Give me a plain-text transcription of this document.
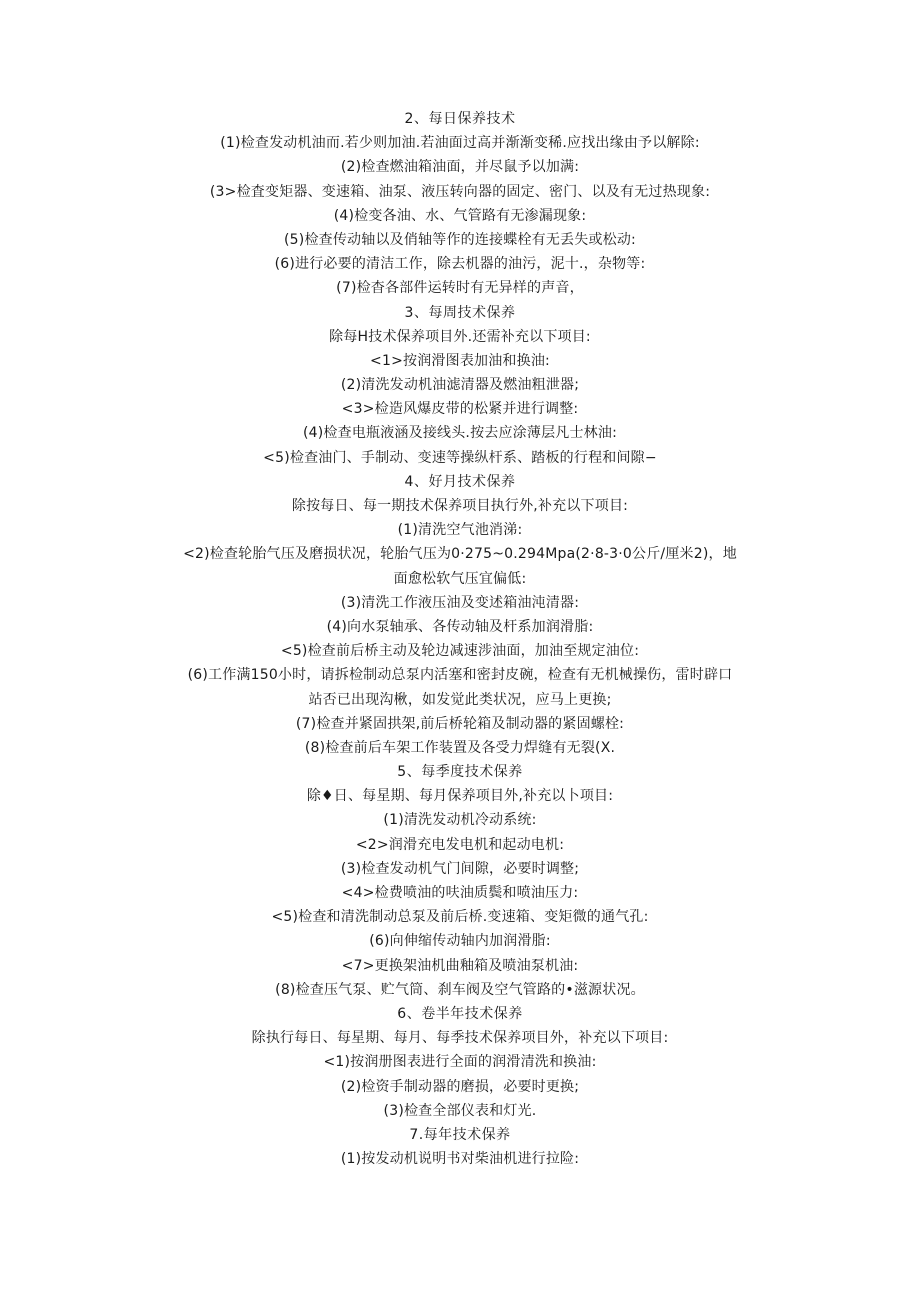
2、每日保养技术
(1)检查发动机油而.若少则加油.若油面过高并渐渐变稀.应找出缘由予以解除:
(2)检查燃油箱油面，并尽鼠予以加满:
(3>检査变矩器、变速箱、油泵、液压转向器的固定、密门、以及有无过热现象:
(4)检变各油、水、气管路有无渗漏现象:
(5)检查传动轴以及俏轴等作的连接蝶栓有无丢失或松动:
(6)进行必要的清洁工作，除去机器的油污，泥十.，杂物等:
(7)检杳各部件运转时有无异样的声音，
3、每周技术保养
除每H技术保养项目外.还需补充以下项目:
<1>按润滑图表加油和换油:
(2)清洗发动机油滤清器及燃油粗泄器;
<3>检造风爆皮带的松紧并进行调整:
(4)检查电瓶液涵及接线头.按去应涂薄层凡士林油:
<5)检查油门、手制动、变速等操纵杆系、踏板的行程和间隙−
4、好月技术保养
除按每日、每一期技术保养项目执行外,补充以下项目:
(1)清洗空气池消涕:
<2)检查轮胎气压及磨损状况，轮胎气压为0·275~0.294Mpa(2·8-3·0公斤/厘米2)，地
面愈松软气压宜偏低:
(3)清洗工作液压油及变述箱油沌清器:
(4)向水泵轴承、各传动轴及杆系加润滑脂:
<5)检查前后桥主动及轮边减速涉油面，加油至规定油位:
(6)工作满150小时，请拆检制动总泵内活塞和密封皮碗，检查有无机械操伤，雷时辟口
站否已出现沟楸，如发觉此类状况，应马上更换;
(7)检查并紧固拱架,前后桥轮箱及制动器的紧固螺栓:
(8)检查前后车架工作装置及各受力焊缝有无裂(X.
5、每季度技术保养
除♦日、每星期、每月保养项目外,补充以卜项目:
(1)清洗发动机冷动系统:
<2>润滑充电发电机和起动电机:
(3)检查发动机气门间隙，必要时调整;
<4>检费喷油的呋油质鬓和喷油压力:
<5)检查和清洗制动总泵及前后桥.变速箱、变矩微的通气孔:
(6)向伸缩传动轴内加润滑脂:
<7>更换架油机曲釉箱及喷油泵机油:
(8)检查压气泵、贮气筒、刹车阀及空气管路的•滋源状况。
6、卷半年技术保养
除执行每日、每星期、每月、每季技术保养项目外，补充以下项目:
<1)按润册图表进行全面的润滑清洗和换油:
(2)检资手制动器的磨损，必要时更换;
(3)检查全部仪表和灯光.
7.每年技术保养
(1)按发动机说明书对柴油机进行拉险:
